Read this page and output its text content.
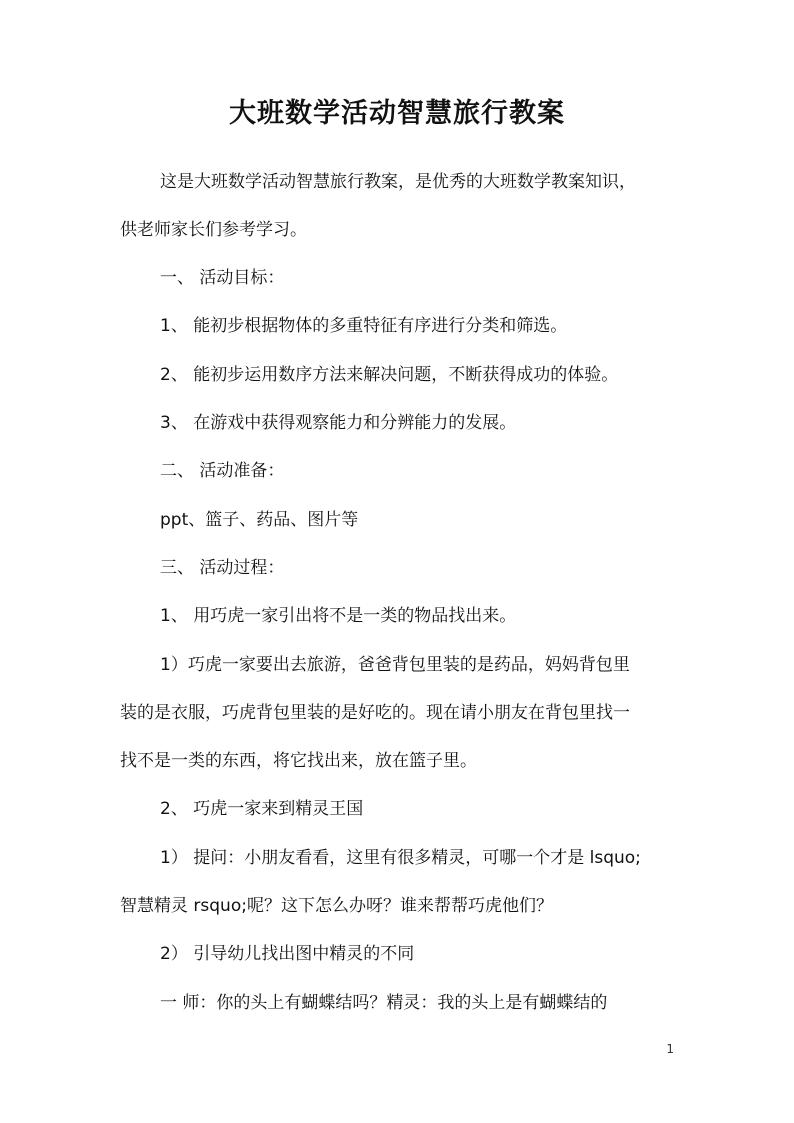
大班数学活动智慧旅行教案
这是大班数学活动智慧旅行教案，是优秀的大班数学教案知识，
供老师家长们参考学习。
一、 活动目标：
1、 能初步根据物体的多重特征有序进行分类和筛选。
2、 能初步运用数序方法来解决问题，不断获得成功的体验。
3、 在游戏中获得观察能力和分辨能力的发展。
二、 活动准备：
ppt、篮子、药品、图片等
三、 活动过程：
1、 用巧虎一家引出将不是一类的物品找出来。
1）巧虎一家要出去旅游，爸爸背包里装的是药品，妈妈背包里
装的是衣服，巧虎背包里装的是好吃的。现在请小朋友在背包里找一
找不是一类的东西，将它找出来，放在篮子里。
2、 巧虎一家来到精灵王国
1） 提问：小朋友看看，这里有很多精灵，可哪一个才是 lsquo;
智慧精灵 rsquo;呢？这下怎么办呀？谁来帮帮巧虎他们？
2） 引导幼儿找出图中精灵的不同
一 师：你的头上有蝴蝶结吗？精灵：我的头上是有蝴蝶结的
1
